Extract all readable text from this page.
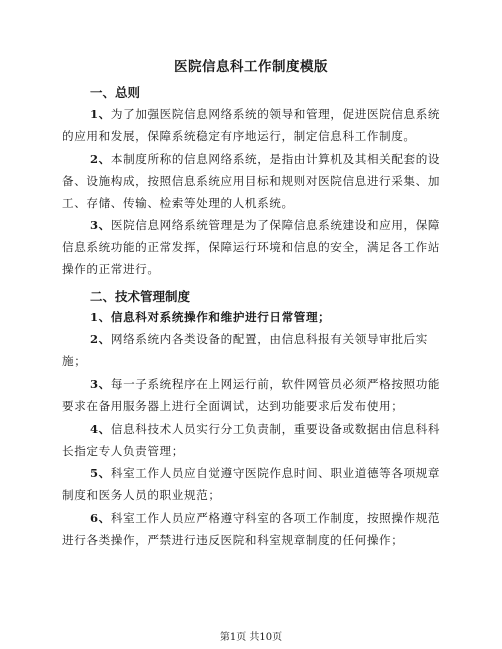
医院信息科工作制度模版
一、总则
1、为了加强医院信息网络系统的领导和管理，促进医院信息系统
的应用和发展，保障系统稳定有序地运行，制定信息科工作制度。
2、本制度所称的信息网络系统，是指由计算机及其相关配套的设
备、设施构成，按照信息系统应用目标和规则对医院信息进行采集、加工、存储、传输、检索等处理的人机系统。
3、医院信息网络系统管理是为了保障信息系统建设和应用，保障
信息系统功能的正常发挥，保障运行环境和信息的安全，满足各工作站操作的正常进行。
二、技术管理制度
1、信息科对系统操作和维护进行日常管理；
2、网络系统内各类设备的配置，由信息科报有关领导审批后实
施；
3、每一子系统程序在上网运行前，软件网管员必须严格按照功能
要求在备用服务器上进行全面调试，达到功能要求后发布使用；
4、信息科技术人员实行分工负责制，重要设备或数据由信息科科
长指定专人负责管理；
5、科室工作人员应自觉遵守医院作息时间、职业道德等各项规章
制度和医务人员的职业规范；
6、科室工作人员应严格遵守科室的各项工作制度，按照操作规范
进行各类操作，严禁进行违反医院和科室规章制度的任何操作；
第1页 共10页
